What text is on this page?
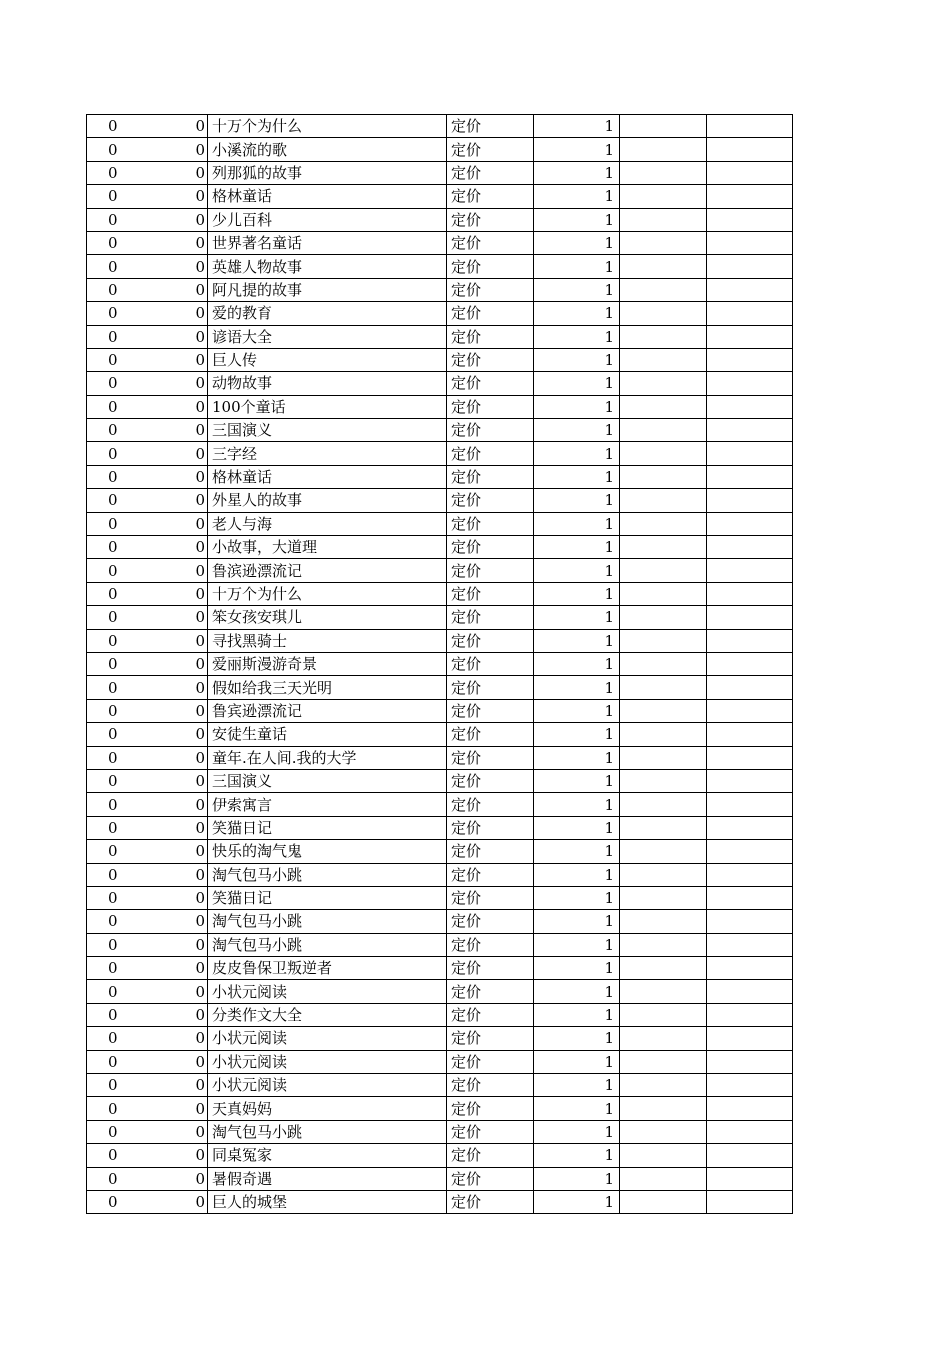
0	0	十万个为什么	定价	1		
0	0	小溪流的歌	定价	1		
0	0	列那狐的故事	定价	1		
0	0	格林童话	定价	1		
0	0	少儿百科	定价	1		
0	0	世界著名童话	定价	1		
0	0	英雄人物故事	定价	1		
0	0	阿凡提的故事	定价	1		
0	0	爱的教育	定价	1		
0	0	谚语大全	定价	1		
0	0	巨人传	定价	1		
0	0	动物故事	定价	1		
0	0	100个童话	定价	1		
0	0	三国演义	定价	1		
0	0	三字经	定价	1		
0	0	格林童话	定价	1		
0	0	外星人的故事	定价	1		
0	0	老人与海	定价	1		
0	0	小故事，大道理	定价	1		
0	0	鲁滨逊漂流记	定价	1		
0	0	十万个为什么	定价	1		
0	0	笨女孩安琪儿	定价	1		
0	0	寻找黑骑士	定价	1		
0	0	爱丽斯漫游奇景	定价	1		
0	0	假如给我三天光明	定价	1		
0	0	鲁宾逊漂流记	定价	1		
0	0	安徒生童话	定价	1		
0	0	童年.在人间.我的大学	定价	1		
0	0	三国演义	定价	1		
0	0	伊索寓言	定价	1		
0	0	笑猫日记	定价	1		
0	0	快乐的淘气鬼	定价	1		
0	0	淘气包马小跳	定价	1		
0	0	笑猫日记	定价	1		
0	0	淘气包马小跳	定价	1		
0	0	淘气包马小跳	定价	1		
0	0	皮皮鲁保卫叛逆者	定价	1		
0	0	小状元阅读	定价	1		
0	0	分类作文大全	定价	1		
0	0	小状元阅读	定价	1		
0	0	小状元阅读	定价	1		
0	0	小状元阅读	定价	1		
0	0	天真妈妈	定价	1		
0	0	淘气包马小跳	定价	1		
0	0	同桌冤家	定价	1		
0	0	暑假奇遇	定价	1		
0	0	巨人的城堡	定价	1		
